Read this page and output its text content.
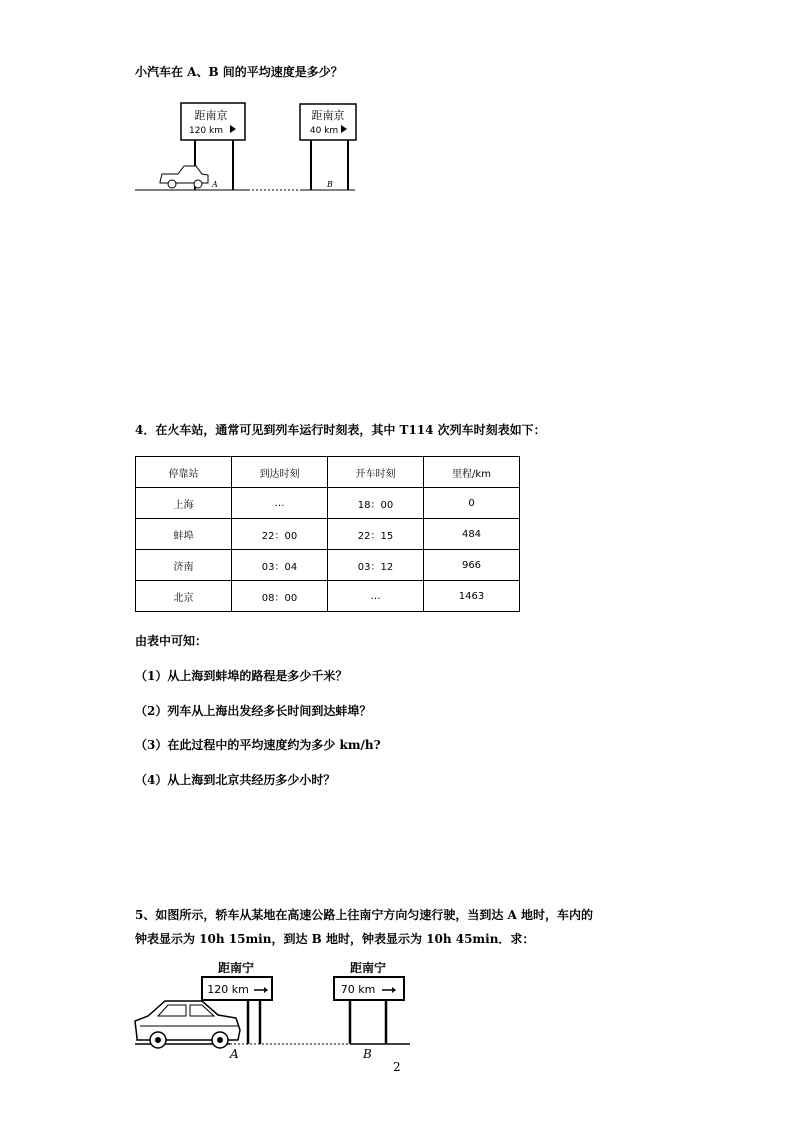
小汽车在 A、B 间的平均速度是多少？
距南京
120 km
距南京
40 km
A	B
4．在火车站，通常可见到列车运行时刻表，其中 T114 次列车时刻表如下：
停靠站	到达时刻	开车时刻	里程/km
上海	…	18：00	0
蚌埠	22：00	22：15	484
济南	03：04	03：12	966
北京	08：00	…	1463
由表中可知：
（1）从上海到蚌埠的路程是多少千米？
（2）列车从上海出发经多长时间到达蚌埠？
（3）在此过程中的平均速度约为多少 km/h?
（4）从上海到北京共经历多少小时？
5、如图所示，轿车从某地在高速公路上往南宁方向匀速行驶，当到达 A 地时，车内的
钟表显示为 10h 15min，到达 B 地时，钟表显示为 10h 45min．求：
距南宁
120 km
距南宁
70 km
A	B
2
